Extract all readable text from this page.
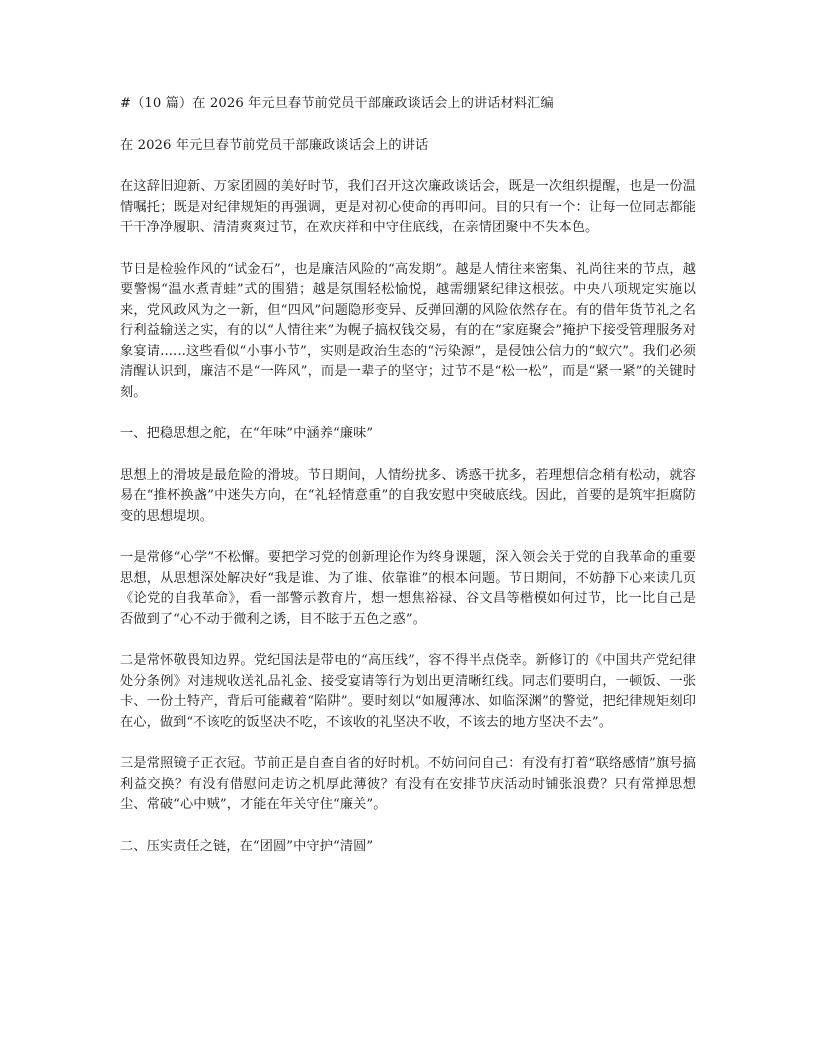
#（10 篇）在 2026 年元旦春节前党员干部廉政谈话会上的讲话材料汇编

在 2026 年元旦春节前党员干部廉政谈话会上的讲话

在这辞旧迎新、万家团圆的美好时节，我们召开这次廉政谈话会，既是一次组织提醒，也是一份温情嘱托；既是对纪律规矩的再强调，更是对初心使命的再叩问。目的只有一个：让每一位同志都能干干净净履职、清清爽爽过节，在欢庆祥和中守住底线，在亲情团聚中不失本色。

节日是检验作风的“试金石”，也是廉洁风险的“高发期”。越是人情往来密集、礼尚往来的节点，越要警惕“温水煮青蛙”式的围猎；越是氛围轻松愉悦，越需绷紧纪律这根弦。中央八项规定实施以来，党风政风为之一新，但“四风”问题隐形变异、反弹回潮的风险依然存在。有的借年货节礼之名行利益输送之实，有的以“人情往来”为幌子搞权钱交易，有的在“家庭聚会”掩护下接受管理服务对象宴请......这些看似“小事小节”，实则是政治生态的“污染源”，是侵蚀公信力的“蚁穴”。我们必须清醒认识到，廉洁不是“一阵风”，而是一辈子的坚守；过节不是“松一松”，而是“紧一紧”的关键时刻。

一、把稳思想之舵，在“年味”中涵养“廉味”

思想上的滑坡是最危险的滑坡。节日期间，人情纷扰多、诱惑干扰多，若理想信念稍有松动，就容易在“推杯换盏”中迷失方向，在“礼轻情意重”的自我安慰中突破底线。因此，首要的是筑牢拒腐防变的思想堤坝。

一是常修“心学”不松懈。要把学习党的创新理论作为终身课题，深入领会关于党的自我革命的重要思想，从思想深处解决好“我是谁、为了谁、依靠谁”的根本问题。节日期间，不妨静下心来读几页《论党的自我革命》，看一部警示教育片，想一想焦裕禄、谷文昌等楷模如何过节，比一比自己是否做到了“心不动于微利之诱，目不眩于五色之惑”。

二是常怀敬畏知边界。党纪国法是带电的“高压线”，容不得半点侥幸。新修订的《中国共产党纪律处分条例》对违规收送礼品礼金、接受宴请等行为划出更清晰红线。同志们要明白，一顿饭、一张卡、一份土特产，背后可能藏着“陷阱”。要时刻以“如履薄冰、如临深渊”的警觉，把纪律规矩刻印在心，做到“不该吃的饭坚决不吃，不该收的礼坚决不收，不该去的地方坚决不去”。

三是常照镜子正衣冠。节前正是自查自省的好时机。不妨问问自己：有没有打着“联络感情”旗号搞利益交换？有没有借慰问走访之机厚此薄彼？有没有在安排节庆活动时铺张浪费？只有常掸思想尘、常破“心中贼”，才能在年关守住“廉关”。

二、压实责任之链，在“团圆”中守护“清圆”
